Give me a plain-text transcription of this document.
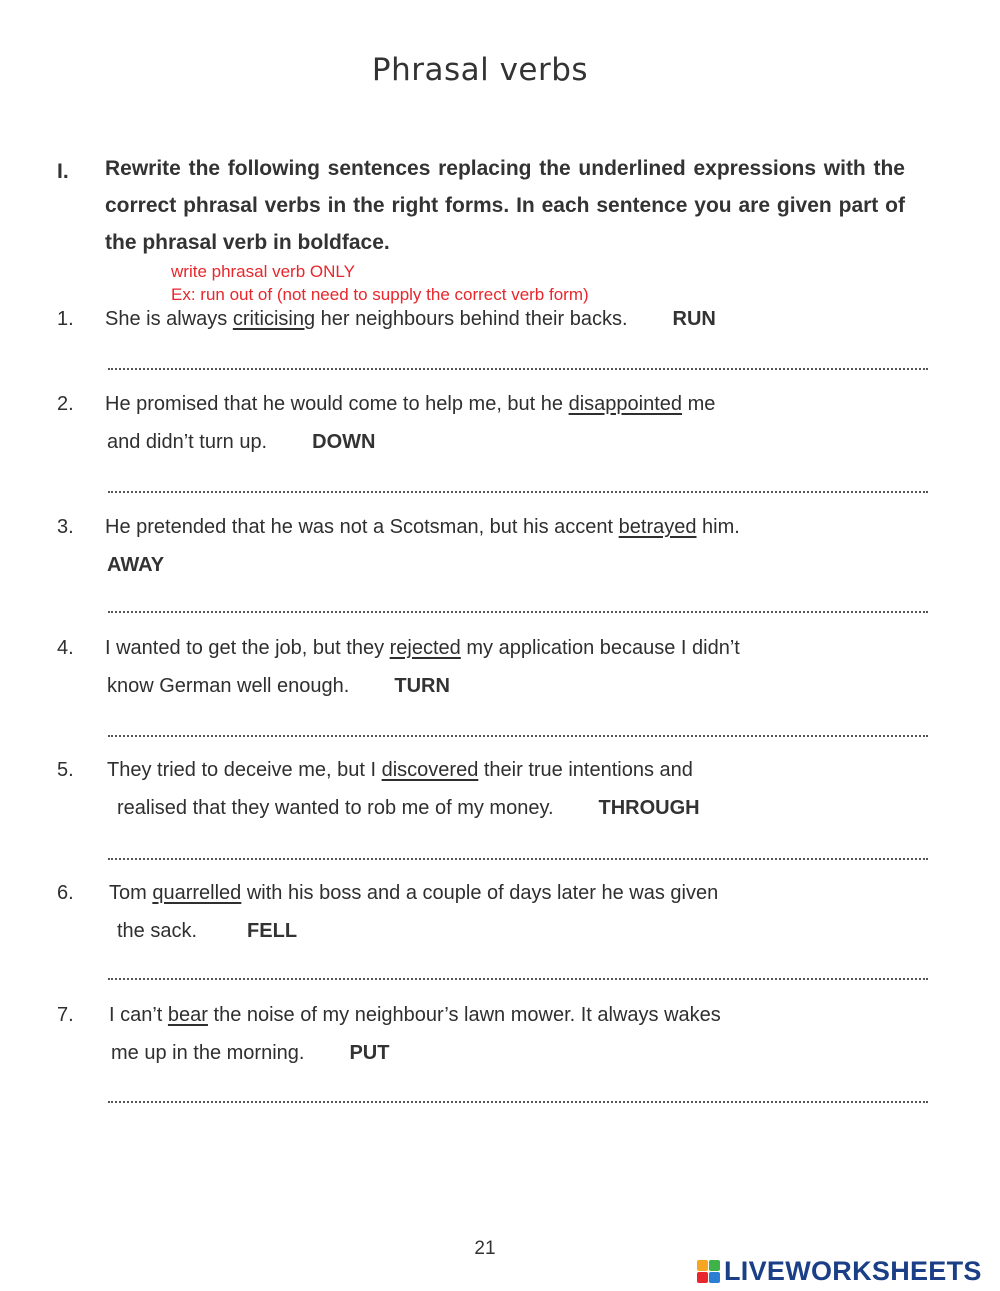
Phrasal verbs
I. Rewrite the following sentences replacing the underlined expressions with the correct phrasal verbs in the right forms. In each sentence you are given part of the phrasal verb in boldface.
write phrasal verb ONLY
Ex: run out of (not need to supply the correct verb form)
1. She is always criticising her neighbours behind their backs. RUN
2. He promised that he would come to help me, but he disappointed me
and didn’t turn up. DOWN
3. He pretended that he was not a Scotsman, but his accent betrayed him.
AWAY
4. I wanted to get the job, but they rejected my application because I didn’t
know German well enough. TURN
5. They tried to deceive me, but I discovered their true intentions and
realised that they wanted to rob me of my money. THROUGH
6. Tom quarrelled with his boss and a couple of days later he was given
the sack.	FELL
7. I can’t bear the noise of my neighbour’s lawn mower. It always wakes
me up in the morning. PUT
21
LIVEWORKSHEETS
